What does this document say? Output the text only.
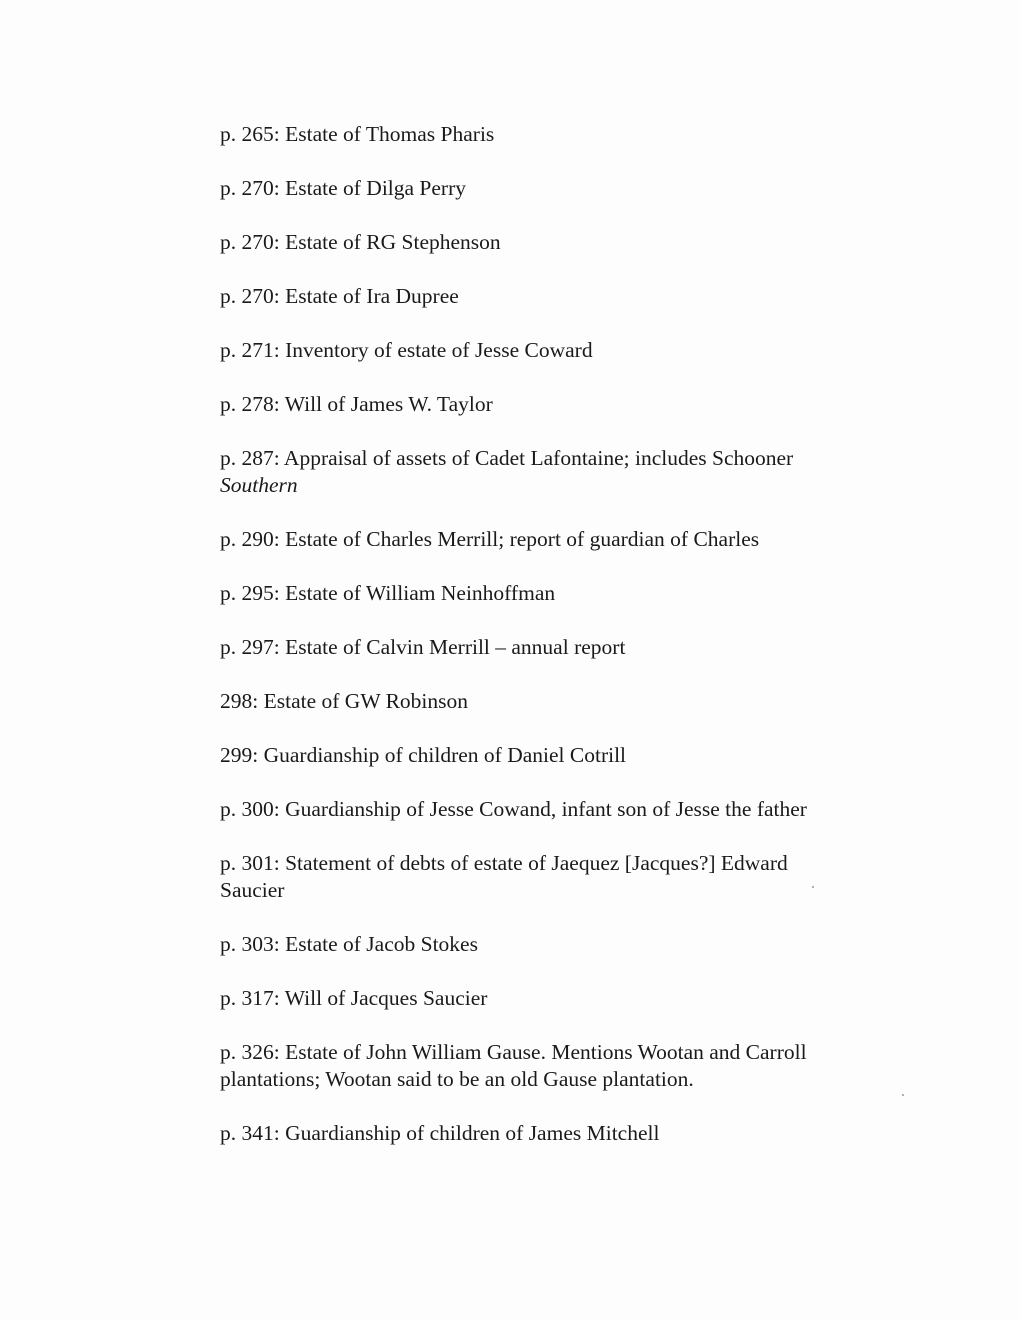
p. 265: Estate of Thomas Pharis
p. 270: Estate of Dilga Perry
p. 270: Estate of RG Stephenson
p. 270: Estate of Ira Dupree
p. 271: Inventory of estate of Jesse Coward
p. 278: Will of James W. Taylor
p. 287: Appraisal of assets of Cadet Lafontaine; includes Schooner
Southern
p. 290: Estate of Charles Merrill; report of guardian of Charles
p. 295: Estate of William Neinhoffman
p. 297: Estate of Calvin Merrill – annual report
298: Estate of GW Robinson
299: Guardianship of children of Daniel Cotrill
p. 300: Guardianship of Jesse Cowand, infant son of Jesse the father
p. 301: Statement of debts of estate of Jaequez [Jacques?] Edward Saucier
p. 303: Estate of Jacob Stokes
p. 317: Will of Jacques Saucier
p. 326: Estate of John William Gause. Mentions Wootan and Carroll plantations; Wootan said to be an old Gause plantation.
p. 341: Guardianship of children of James Mitchell
